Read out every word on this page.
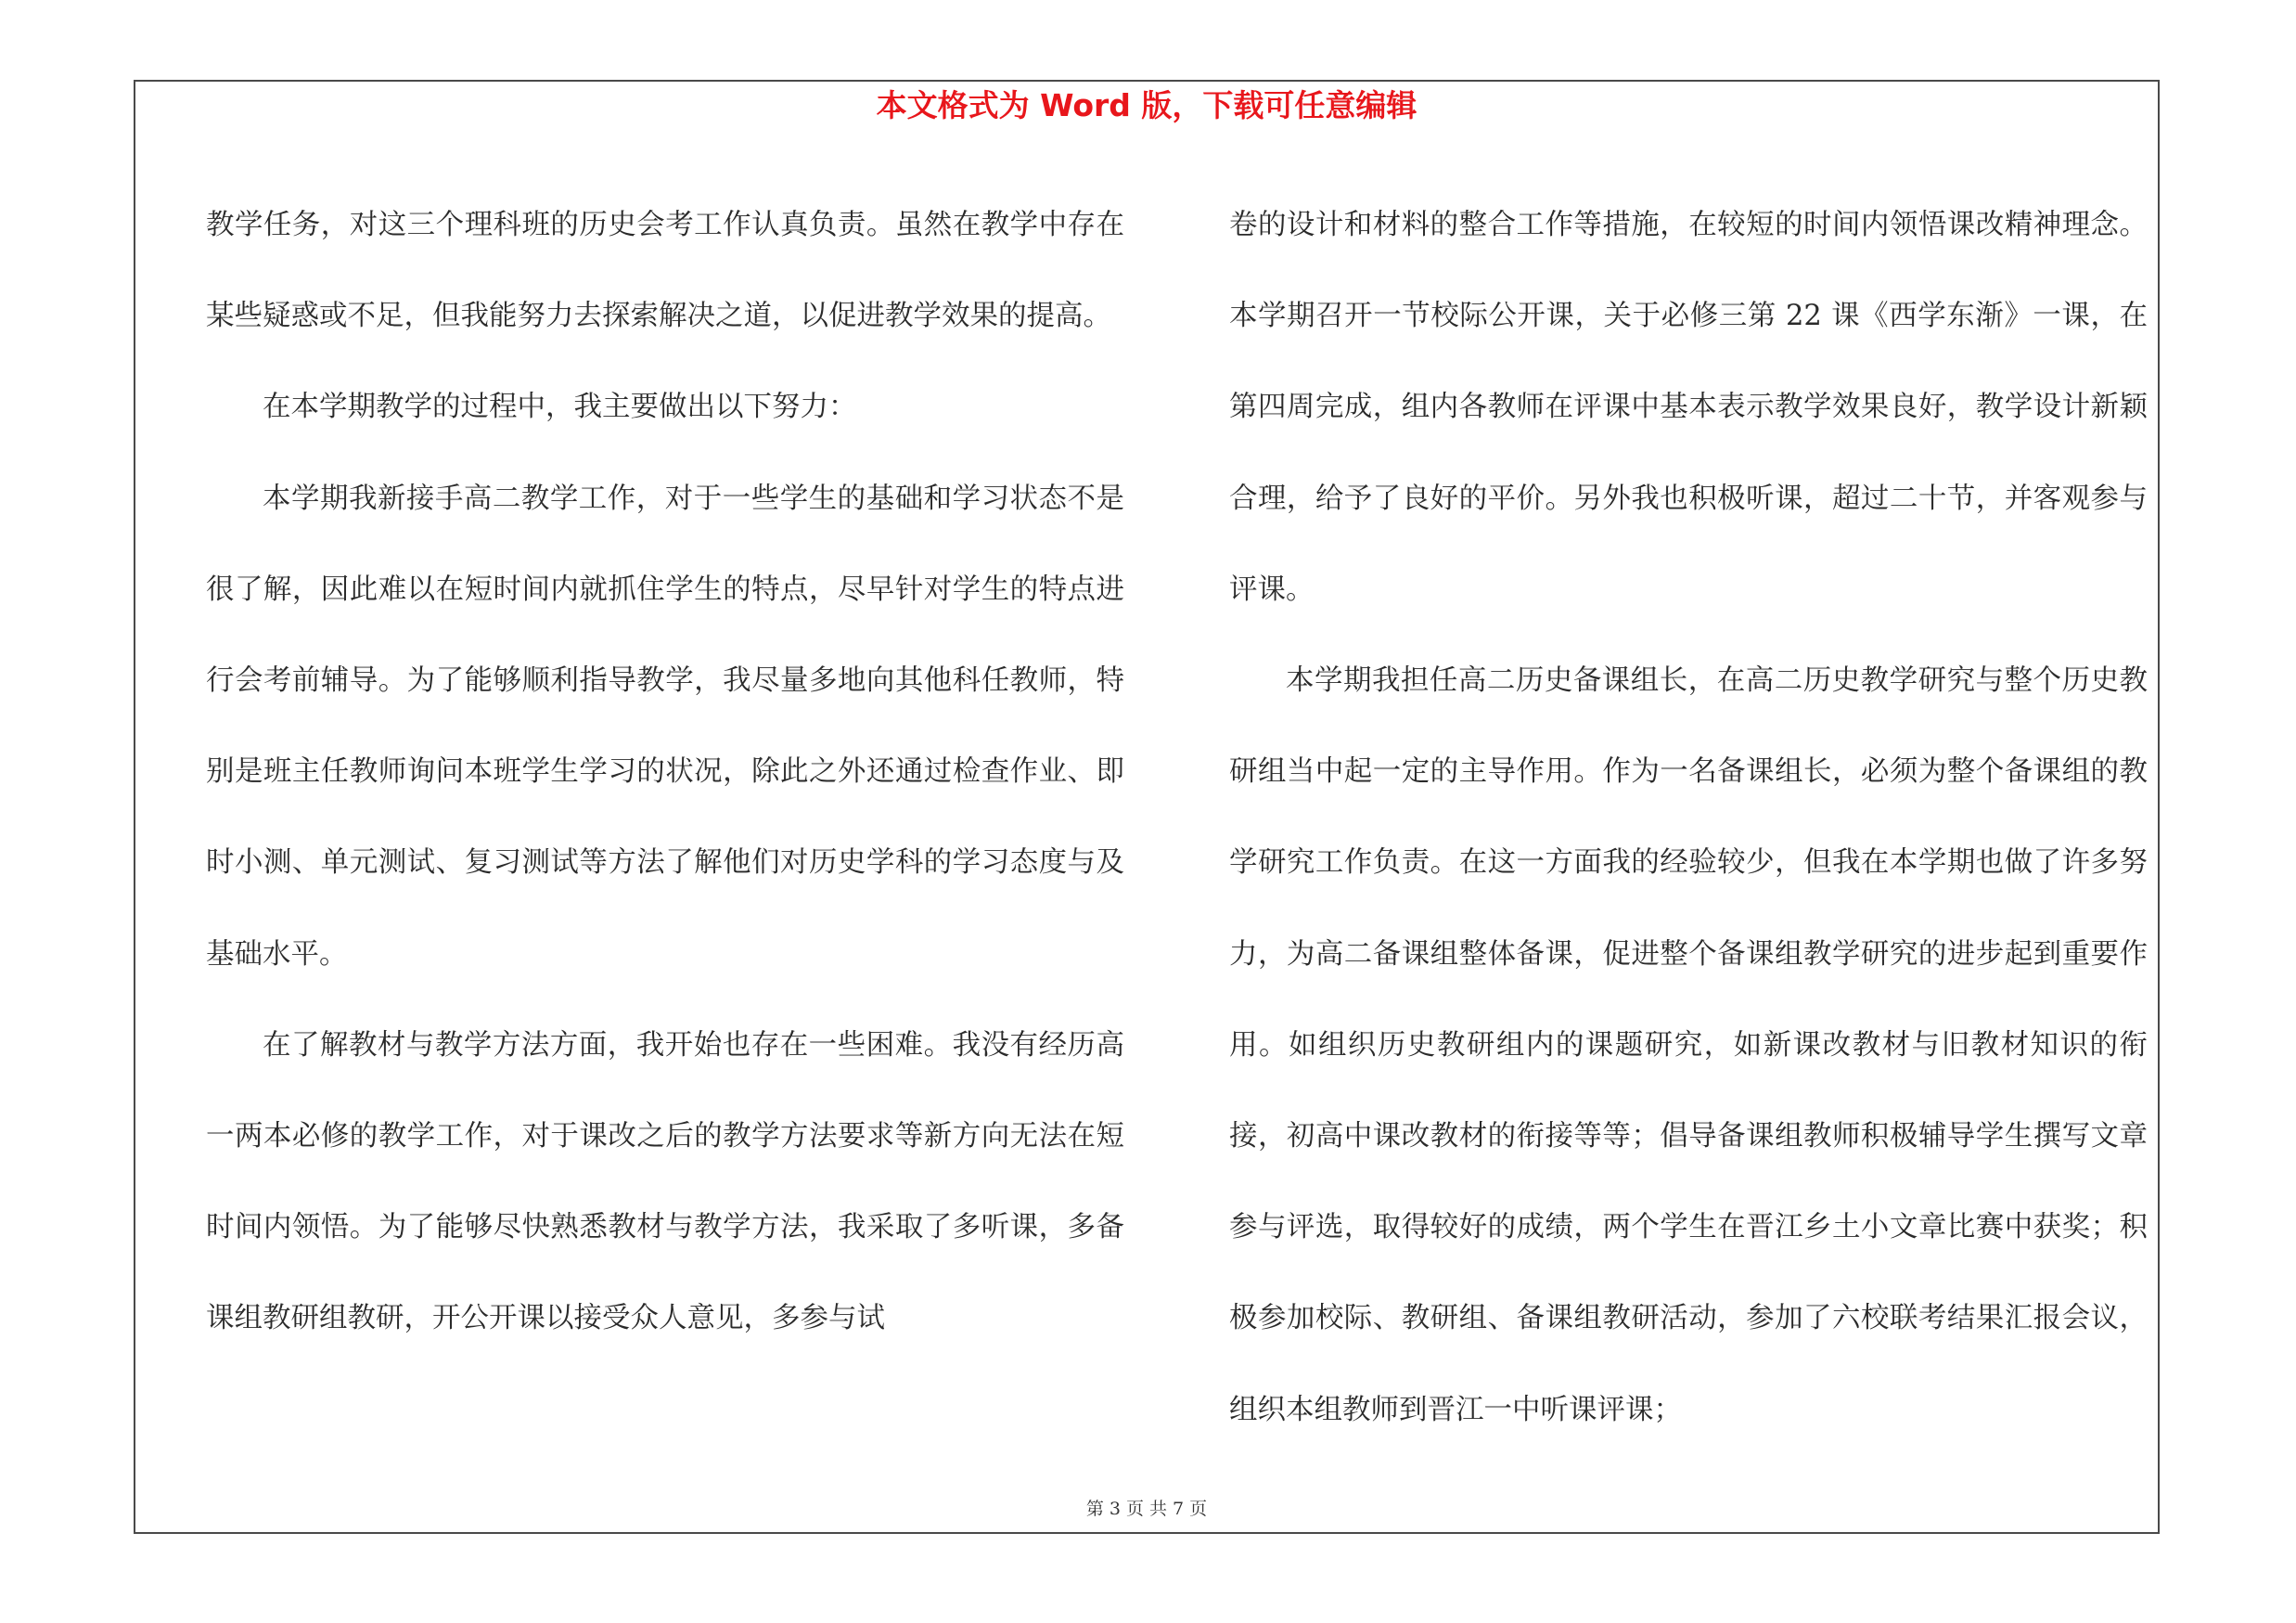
本文格式为 Word 版，下载可任意编辑

教学任务，对这三个理科班的历史会考工作认真负责。虽然在教学中存在某些疑惑或不足，但我能努力去探索解决之道，以促进教学效果的提高。

在本学期教学的过程中，我主要做出以下努力：

本学期我新接手高二教学工作，对于一些学生的基础和学习状态不是很了解，因此难以在短时间内就抓住学生的特点，尽早针对学生的特点进行会考前辅导。为了能够顺利指导教学，我尽量多地向其他科任教师，特别是班主任教师询问本班学生学习的状况，除此之外还通过检查作业、即时小测、单元测试、复习测试等方法了解他们对历史学科的学习态度与及基础水平。

在了解教材与教学方法方面，我开始也存在一些困难。我没有经历高一两本必修的教学工作，对于课改之后的教学方法要求等新方向无法在短时间内领悟。为了能够尽快熟悉教材与教学方法，我采取了多听课，多备课组教研组教研，开公开课以接受众人意见，多参与试

卷的设计和材料的整合工作等措施，在较短的时间内领悟课改精神理念。本学期召开一节校际公开课，关于必修三第 22 课《西学东渐》一课，在第四周完成，组内各教师在评课中基本表示教学效果良好，教学设计新颖合理，给予了良好的平价。另外我也积极听课，超过二十节，并客观参与评课。

本学期我担任高二历史备课组长，在高二历史教学研究与整个历史教研组当中起一定的主导作用。作为一名备课组长，必须为整个备课组的教学研究工作负责。在这一方面我的经验较少，但我在本学期也做了许多努力，为高二备课组整体备课，促进整个备课组教学研究的进步起到重要作用。如组织历史教研组内的课题研究，如新课改教材与旧教材知识的衔接，初高中课改教材的衔接等等；倡导备课组教师积极辅导学生撰写文章参与评选，取得较好的成绩，两个学生在晋江乡土小文章比赛中获奖；积极参加校际、教研组、备课组教研活动，参加了六校联考结果汇报会议，组织本组教师到晋江一中听课评课；

第 3 页 共 7 页
